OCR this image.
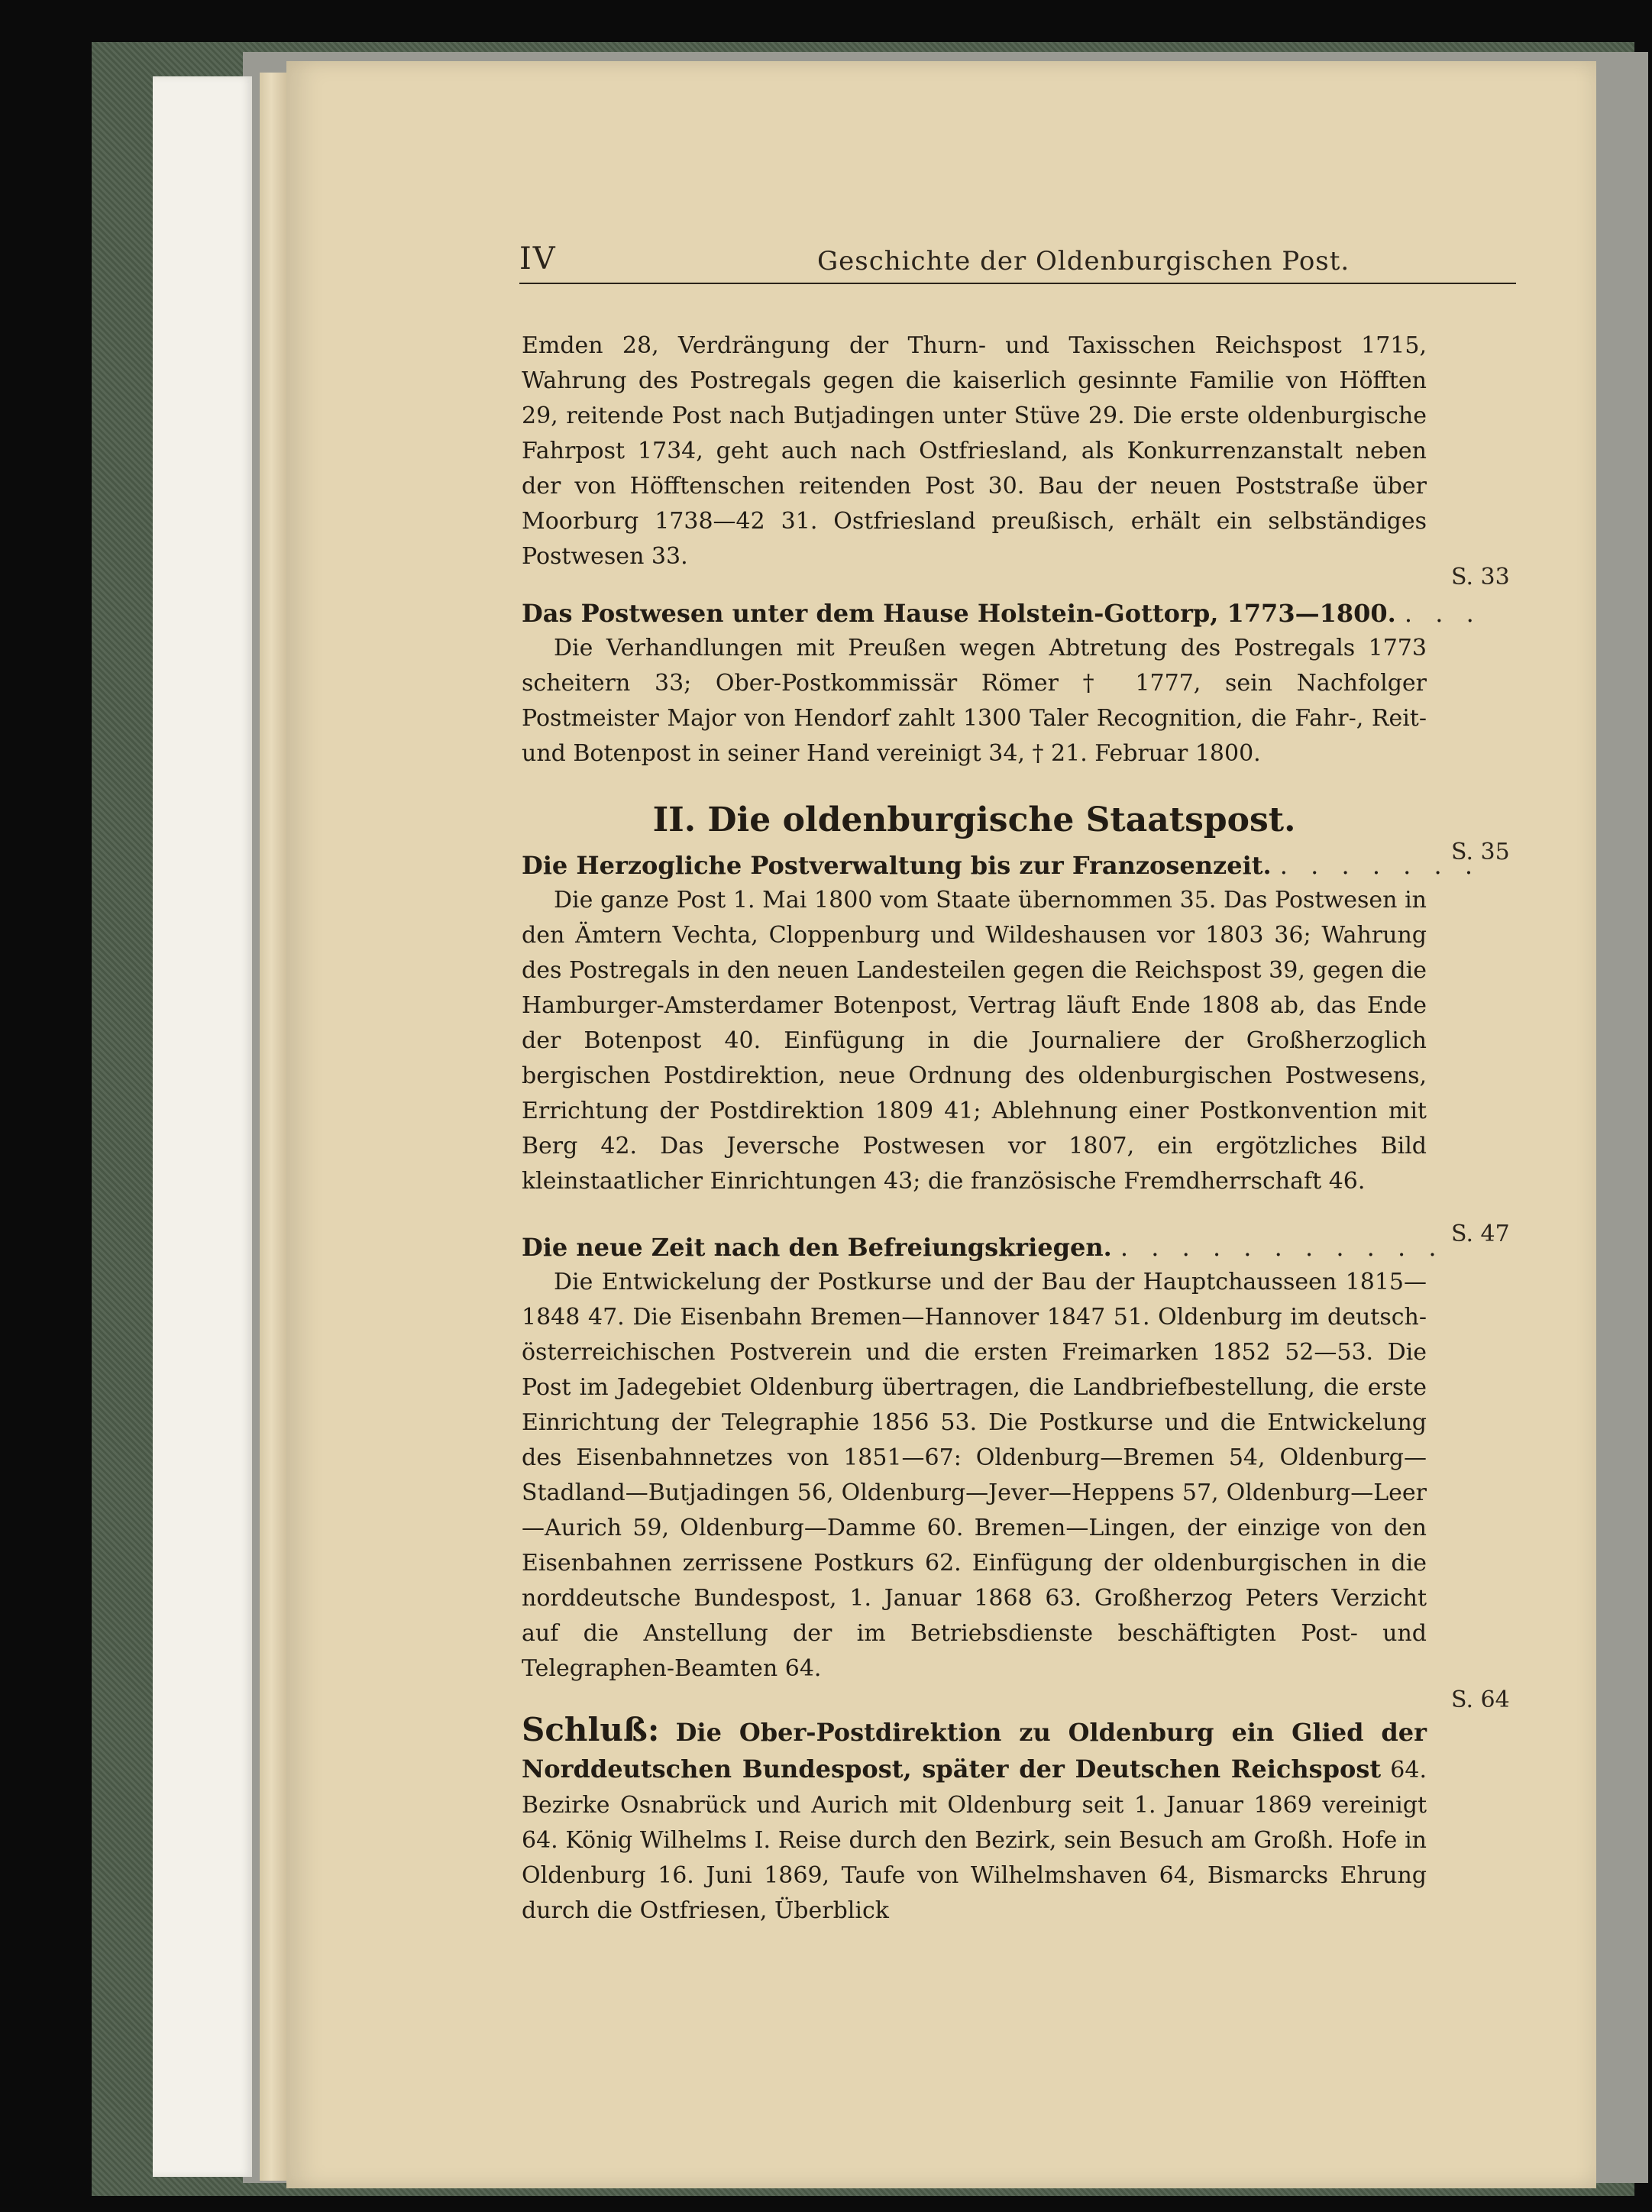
IV	Geschichte der Oldenburgischen Post.

Emden 28, Verdrängung der Thurn- und Taxisschen Reichspost 1715, Wahrung des Postregals gegen die kaiserlich gesinnte Familie von Höfften 29, reitende Post nach Butjadingen unter Stüve 29. Die erste oldenburgische Fahrpost 1734, geht auch nach Ostfriesland, als Konkurrenzanstalt neben der von Höfftenschen reitenden Post 30. Bau der neuen Poststraße über Moorburg 1738—42 31. Ostfriesland preußisch, erhält ein selbständiges Postwesen 33.

Das Postwesen unter dem Hause Holstein-Gottorp, 1773—1800. . . .

Die Verhandlungen mit Preußen wegen Abtretung des Postregals 1773 scheitern 33; Ober-Postkommissär Römer † 1777, sein Nachfolger Postmeister Major von Hendorf zahlt 1300 Taler Recognition, die Fahr-, Reit- und Botenpost in seiner Hand vereinigt 34, † 21. Februar 1800.

II. Die oldenburgische Staatspost.

Die Herzogliche Postverwaltung bis zur Franzosenzeit. . . . . . . .

Die ganze Post 1. Mai 1800 vom Staate übernommen 35. Das Postwesen in den Ämtern Vechta, Cloppenburg und Wildeshausen vor 1803 36; Wahrung des Postregals in den neuen Landesteilen gegen die Reichspost 39, gegen die Hamburger-Amsterdamer Botenpost, Vertrag läuft Ende 1808 ab, das Ende der Botenpost 40. Einfügung in die Journaliere der Großherzoglich bergischen Postdirektion, neue Ordnung des oldenburgischen Postwesens, Errichtung der Postdirektion 1809 41; Ablehnung einer Postkonvention mit Berg 42. Das Jeversche Postwesen vor 1807, ein ergötzliches Bild kleinstaatlicher Einrichtungen 43; die französische Fremdherrschaft 46.

Die neue Zeit nach den Befreiungskriegen. . . . . . . . . . . .

Die Entwickelung der Postkurse und der Bau der Hauptchausseen 1815—1848 47. Die Eisenbahn Bremen—Hannover 1847 51. Oldenburg im deutsch-österreichischen Postverein und die ersten Freimarken 1852 52—53. Die Post im Jadegebiet Oldenburg übertragen, die Landbriefbestellung, die erste Einrichtung der Telegraphie 1856 53. Die Postkurse und die Entwickelung des Eisenbahnnetzes von 1851—67: Oldenburg—Bremen 54, Oldenburg—Stadland—Butjadingen 56, Oldenburg—Jever—Heppens 57, Oldenburg—Leer—Aurich 59, Oldenburg—Damme 60. Bremen—Lingen, der einzige von den Eisenbahnen zerrissene Postkurs 62. Einfügung der oldenburgischen in die norddeutsche Bundespost, 1. Januar 1868 63. Großherzog Peters Verzicht auf die Anstellung der im Betriebsdienste beschäftigten Post- und Telegraphen-Beamten 64.

Schluß: Die Ober-Postdirektion zu Oldenburg ein Glied der Norddeutschen Bundespost, später der Deutschen Reichspost 64. Bezirke Osnabrück und Aurich mit Oldenburg seit 1. Januar 1869 vereinigt 64. König Wilhelms I. Reise durch den Bezirk, sein Besuch am Großh. Hofe in Oldenburg 16. Juni 1869, Taufe von Wilhelmshaven 64, Bismarcks Ehrung durch die Ostfriesen, Überblick

S. 33
S. 35
S. 47
S. 64
